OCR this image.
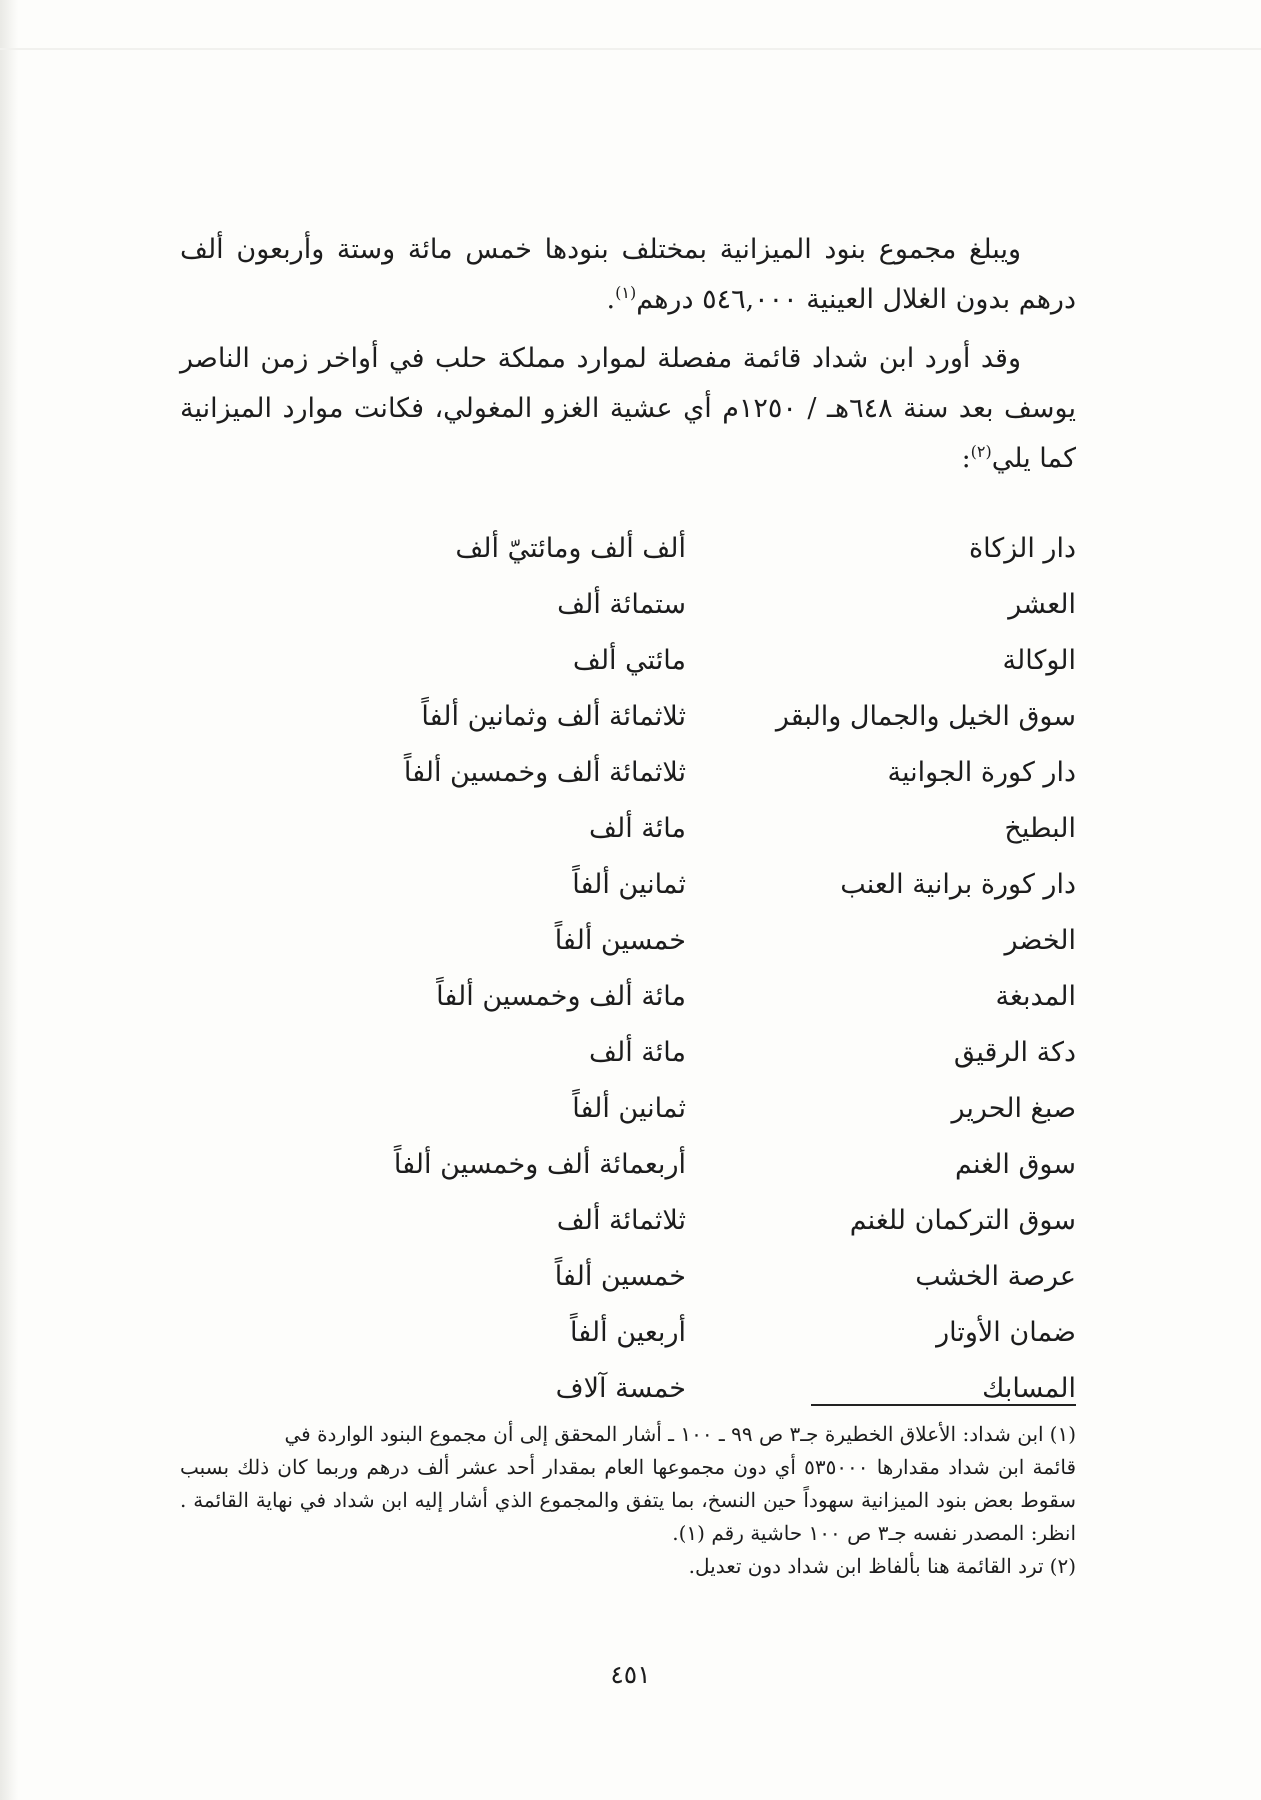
ويبلغ مجموع بنود الميزانية بمختلف بنودها خمس مائة وستة وأربعون ألف درهم بدون الغلال العينية ٥٤٦,٠٠٠ درهم$^{(١)}$.

وقد أورد ابن شداد قائمة مفصلة لموارد مملكة حلب في أواخر زمن الناصر يوسف بعد سنة ٦٤٨هـ / ١٢٥٠م أي عشية الغزو المغولي، فكانت موارد الميزانية كما يلي$^{(٢)}$:

دار الزكاة
ألف ألف ومائتيّ ألف
العشر
ستمائة ألف
الوكالة
مائتي ألف
سوق الخيل والجمال والبقر
ثلاثمائة ألف وثمانين ألفاً
دار كورة الجوانية
ثلاثمائة ألف وخمسين ألفاً
البطيخ
مائة ألف
دار كورة برانية العنب
ثمانين ألفاً
الخضر
خمسين ألفاً
المدبغة
مائة ألف وخمسين ألفاً
دكة الرقيق
مائة ألف
صبغ الحرير
ثمانين ألفاً
سوق الغنم
أربعمائة ألف وخمسين ألفاً
سوق التركمان للغنم
ثلاثمائة ألف
عرصة الخشب
خمسين ألفاً
ضمان الأوتار
أربعين ألفاً
المسابك
خمسة آلاف

(١)ابن شداد: الأعلاق الخطيرة جـ٣ ص ٩٩ ـ ١٠٠ ـ أشار المحقق إلى أن مجموع البنود الواردة في

قائمة ابن شداد مقدارها ٥٣٥٠٠٠ أي دون مجموعها العام بمقدار أحد عشر ألف درهم وربما كان ذلك بسبب سقوط بعض بنود الميزانية سهوداً حين النسخ، بما يتفق والمجموع الذي أشار إليه ابن شداد في نهاية القائمة . انظر: المصدر نفسه جـ٣ ص ١٠٠ حاشية رقم (١).

(٢)ترد القائمة هنا بألفاظ ابن شداد دون تعديل.

٤٥١
